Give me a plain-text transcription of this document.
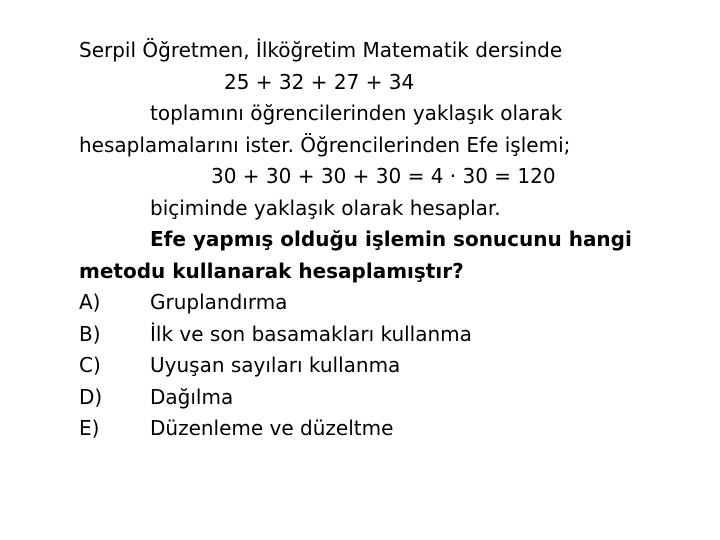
Serpil Öğretmen, İlköğretim Matematik dersinde
25 + 32 + 27 + 34
toplamını öğrencilerinden yaklaşık olarak
hesaplamalarını ister. Öğrencilerinden Efe işlemi;
30 + 30 + 30 + 30 = 4 · 30 = 120
biçiminde yaklaşık olarak hesaplar.
Efe yapmış olduğu işlemin sonucunu hangi
metodu kullanarak hesaplamıştır?
A)	Gruplandırma
B)	İlk ve son basamakları kullanma
C)	Uyuşan sayıları kullanma
D)	Dağılma
E)	Düzenleme ve düzeltme
